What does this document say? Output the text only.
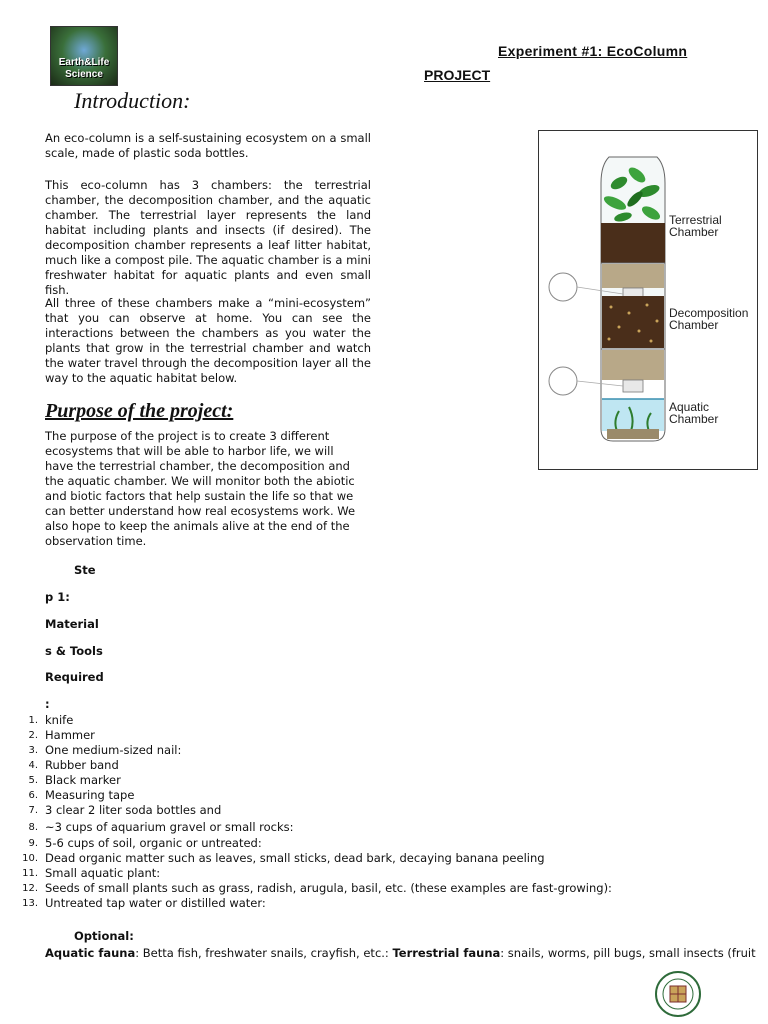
Earth&Life
Science
Experiment #1: EcoColumn
PROJECT
Introduction:

An eco-column is a self-sustaining ecosystem on a small scale, made of plastic soda bottles.

This eco-column has 3 chambers: the terrestrial chamber, the decomposition chamber, and the aquatic chamber. The terrestrial layer represents the land habitat including plants and insects (if desired). The decomposition chamber represents a leaf litter habitat, much like a compost pile. The aquatic chamber is a mini freshwater habitat for aquatic plants and even small fish.

All three of these chambers make a “mini-ecosystem” that you can observe at home. You can see the interactions between the chambers as you water the plants that grow in the terrestrial chamber and watch the water travel through the decomposition layer all the way to the aquatic habitat below.

Purpose of the project:

The purpose of the project is to create 3 different ecosystems that will be able to harbor life, we will have the terrestrial chamber, the decomposition and the aquatic chamber. We will monitor both the abiotic and biotic factors that help sustain the life so that we can better understand how real ecosystems work. We also hope to keep the animals alive at the end of the observation time.

Ste

p 1:

Material

s & Tools

Required

:

1. knife
2. Hammer
3. One medium-sized nail:
4. Rubber band
5. Black marker
6. Measuring tape
7. 3 clear 2 liter soda bottles and
8. ~3 cups of aquarium gravel or small rocks:
9. 5-6 cups of soil, organic or untreated:
10. Dead organic matter such as leaves, small sticks, dead bark, decaying banana peeling
11. Small aquatic plant:
12. Seeds of small plants such as grass, radish, arugula, basil, etc. (these examples are fast-growing):
13. Untreated tap water or distilled water:

Optional:

Aquatic fauna: Betta fish, freshwater snails, crayfish, etc.: Terrestrial fauna: snails, worms, pill bugs, small insects (fruit

Terrestrial
Chamber
Decomposition
Chamber
Aquatic
Chamber
